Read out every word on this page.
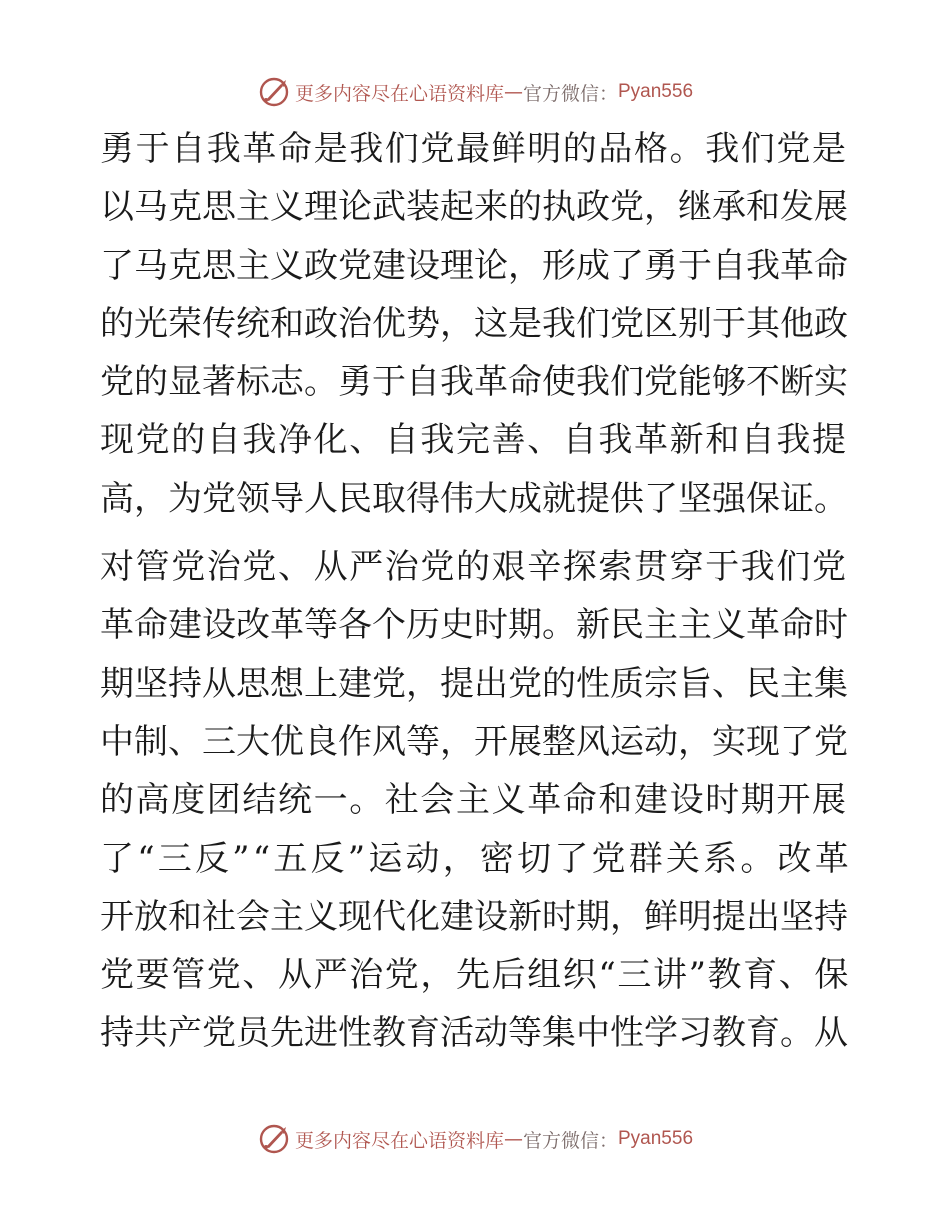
更多内容尽在心语资料库 — 官方微信： Pyan556
勇于自我革命是我们党最鲜明的品格。我们党是
以马克思主义理论武装起来的执政党，继承和发展
了马克思主义政党建设理论，形成了勇于自我革命
的光荣传统和政治优势，这是我们党区别于其他政
党的显著标志。勇于自我革命使我们党能够不断实
现党的自我净化、自我完善、自我革新和自我提
高，为党领导人民取得伟大成就提供了坚强保证。
对管党治党、从严治党的艰辛探索贯穿于我们党
革命建设改革等各个历史时期。新民主主义革命时
期坚持从思想上建党，提出党的性质宗旨、民主集
中制、三大优良作风等，开展整风运动，实现了党
的高度团结统一。社会主义革命和建设时期开展
了“三反”“五反”运动，密切了党群关系。改革
开放和社会主义现代化建设新时期，鲜明提出坚持
党要管党、从严治党，先后组织“三讲”教育、保
持共产党员先进性教育活动等集中性学习教育。从
更多内容尽在心语资料库 — 官方微信： Pyan556
